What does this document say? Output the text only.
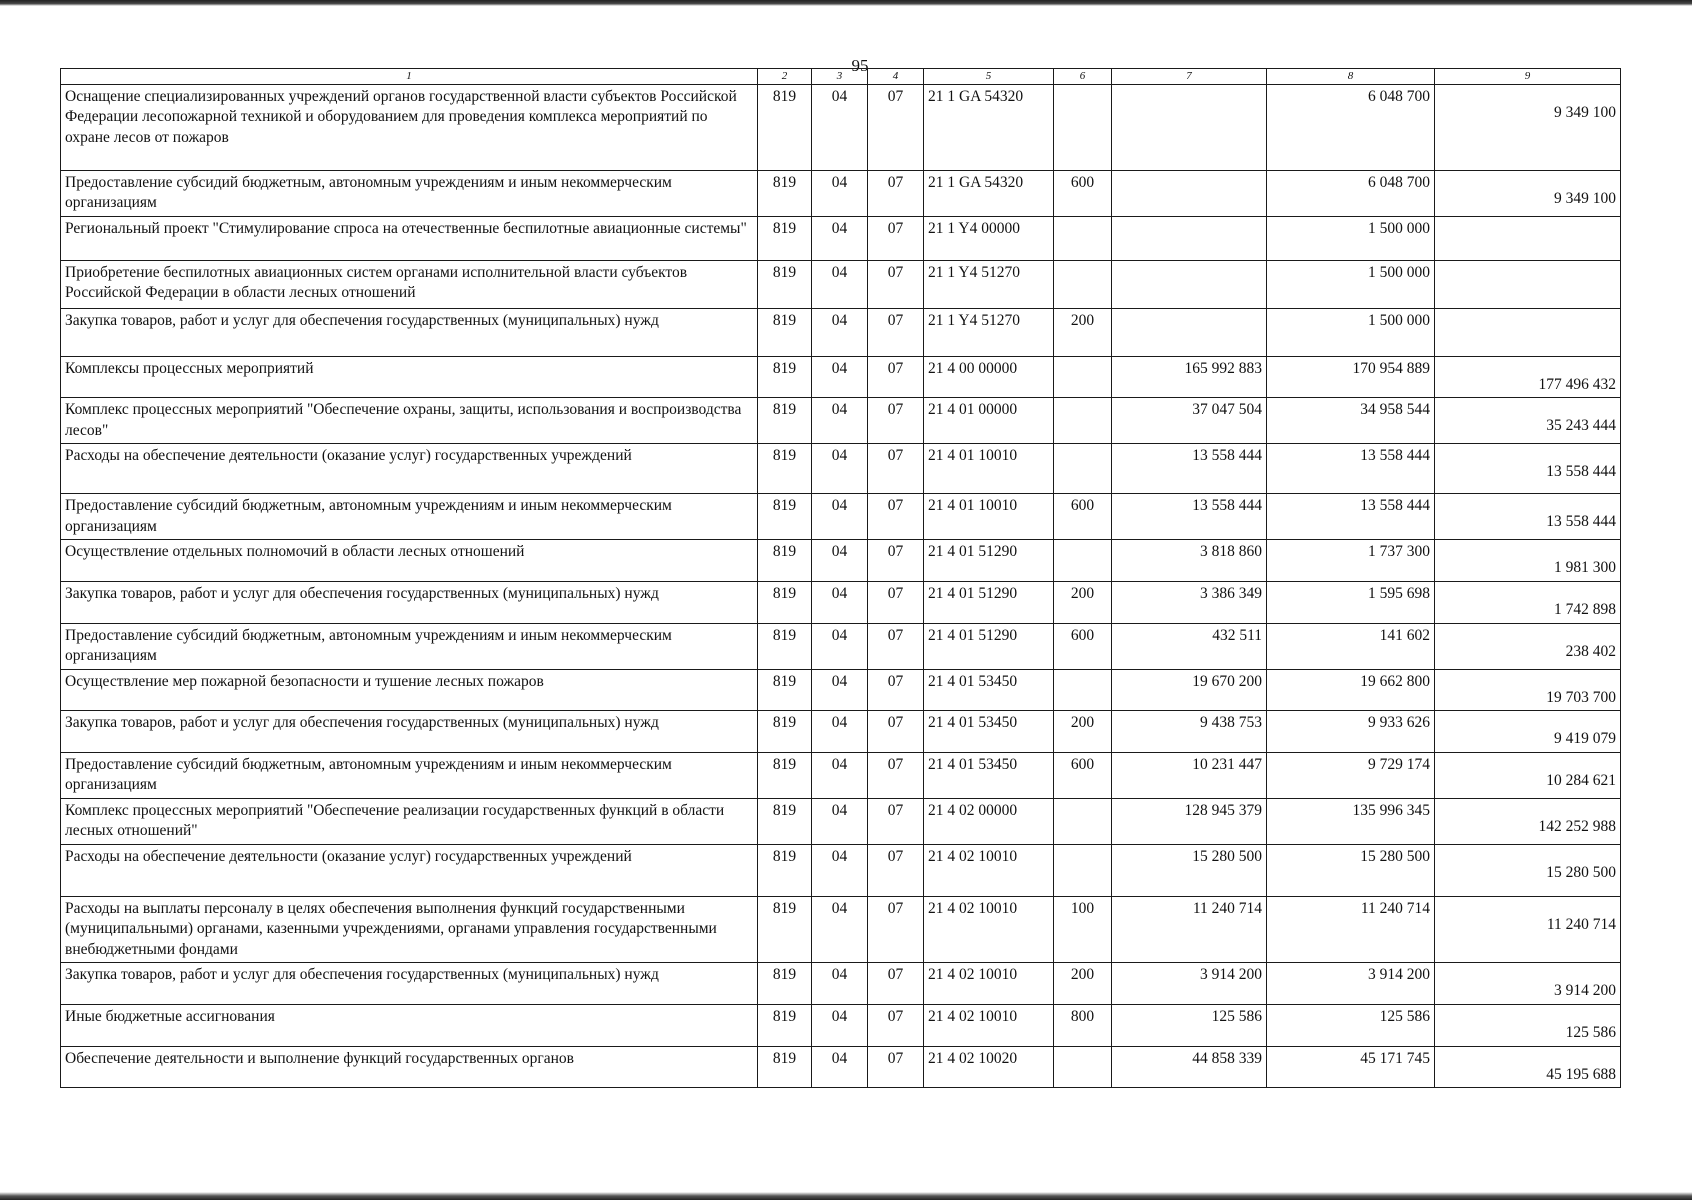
95
1	2	3	4	5	6	7	8	9
Оснащение специализированных учреждений органов государственной власти субъектов Российской Федерации лесопожарной техникой и оборудованием для проведения комплекса мероприятий по охране лесов от пожаров	819	04	07	21 1 GA 54320			6 048 700	9 349 100
Предоставление субсидий бюджетным, автономным учреждениям и иным некоммерческим организациям	819	04	07	21 1 GA 54320	600		6 048 700	9 349 100
Региональный проект "Стимулирование спроса на отечественные беспилотные авиационные системы"	819	04	07	21 1 Y4 00000			1 500 000	
Приобретение беспилотных авиационных систем органами исполнительной власти субъектов Российской Федерации в области лесных отношений	819	04	07	21 1 Y4 51270			1 500 000	
Закупка товаров, работ и услуг для обеспечения государственных (муниципальных) нужд	819	04	07	21 1 Y4 51270	200		1 500 000	
Комплексы процессных мероприятий	819	04	07	21 4 00 00000		165 992 883	170 954 889	177 496 432
Комплекс процессных мероприятий "Обеспечение охраны, защиты, использования и воспроизводства лесов"	819	04	07	21 4 01 00000		37 047 504	34 958 544	35 243 444
Расходы на обеспечение деятельности (оказание услуг) государственных учреждений	819	04	07	21 4 01 10010		13 558 444	13 558 444	13 558 444
Предоставление субсидий бюджетным, автономным учреждениям и иным некоммерческим организациям	819	04	07	21 4 01 10010	600	13 558 444	13 558 444	13 558 444
Осуществление отдельных полномочий в области лесных отношений	819	04	07	21 4 01 51290		3 818 860	1 737 300	1 981 300
Закупка товаров, работ и услуг для обеспечения государственных (муниципальных) нужд	819	04	07	21 4 01 51290	200	3 386 349	1 595 698	1 742 898
Предоставление субсидий бюджетным, автономным учреждениям и иным некоммерческим организациям	819	04	07	21 4 01 51290	600	432 511	141 602	238 402
Осуществление мер пожарной безопасности и тушение лесных пожаров	819	04	07	21 4 01 53450		19 670 200	19 662 800	19 703 700
Закупка товаров, работ и услуг для обеспечения государственных (муниципальных) нужд	819	04	07	21 4 01 53450	200	9 438 753	9 933 626	9 419 079
Предоставление субсидий бюджетным, автономным учреждениям и иным некоммерческим организациям	819	04	07	21 4 01 53450	600	10 231 447	9 729 174	10 284 621
Комплекс процессных мероприятий "Обеспечение реализации государственных функций в области лесных отношений"	819	04	07	21 4 02 00000		128 945 379	135 996 345	142 252 988
Расходы на обеспечение деятельности (оказание услуг) государственных учреждений	819	04	07	21 4 02 10010		15 280 500	15 280 500	15 280 500
Расходы на выплаты персоналу в целях обеспечения выполнения функций государственными (муниципальными) органами, казенными учреждениями, органами управления государственными внебюджетными фондами	819	04	07	21 4 02 10010	100	11 240 714	11 240 714	11 240 714
Закупка товаров, работ и услуг для обеспечения государственных (муниципальных) нужд	819	04	07	21 4 02 10010	200	3 914 200	3 914 200	3 914 200
Иные бюджетные ассигнования	819	04	07	21 4 02 10010	800	125 586	125 586	125 586
Обеспечение деятельности и выполнение функций государственных органов	819	04	07	21 4 02 10020		44 858 339	45 171 745	45 195 688
